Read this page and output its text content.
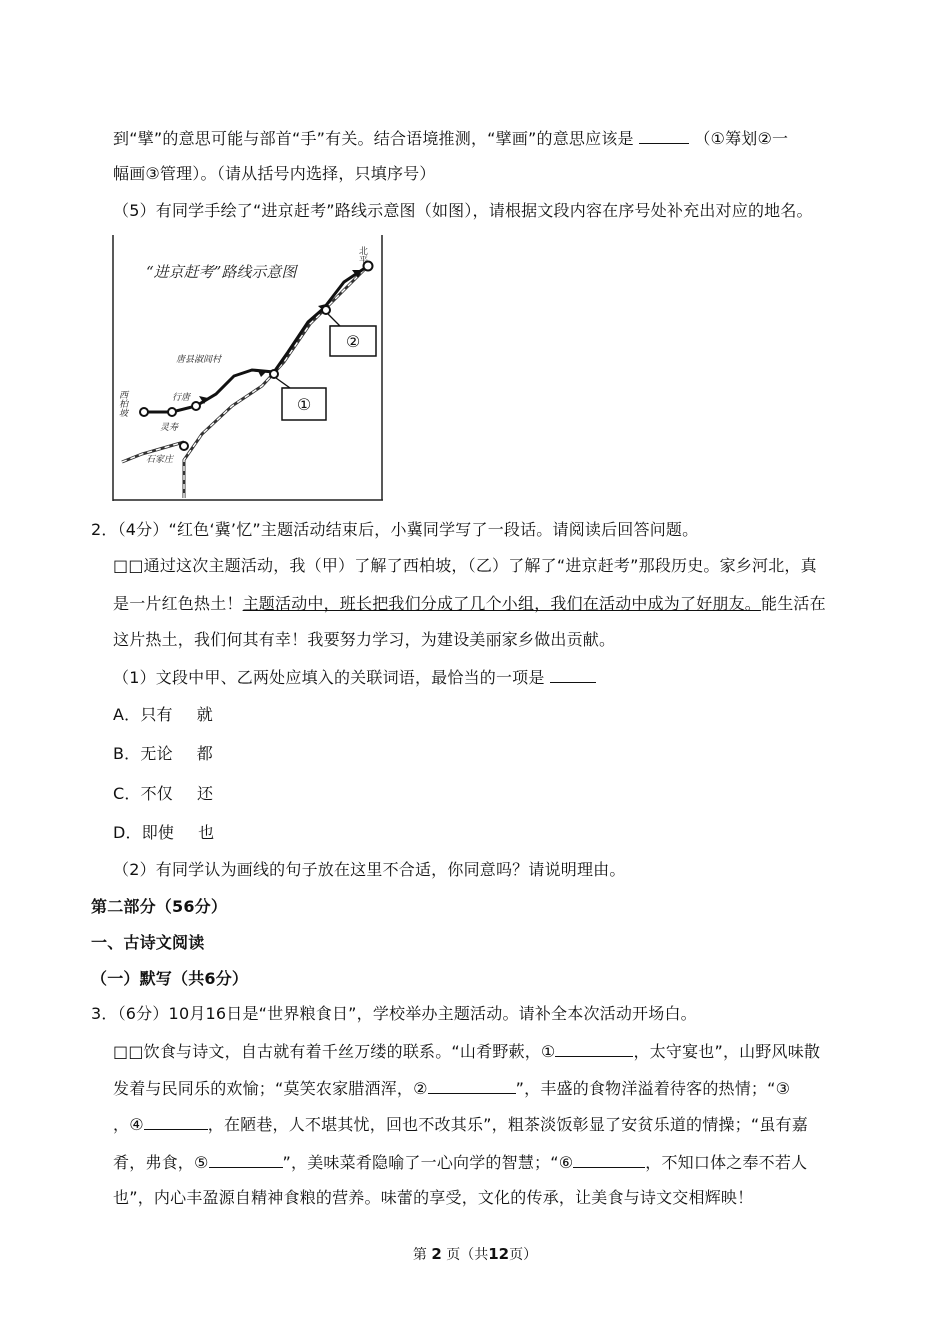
到“擘”的意思可能与部首“手”有关。结合语境推测，“擘画”的意思应该是	（①筹划②一
幅画③管理）。（请从括号内选择，只填序号）
（5）有同学手绘了“进京赶考”路线示意图（如图），请根据文段内容在序号处补充出对应的地名。
“进京赶考”路线示意图
①
②
北平
唐县淑闾村
西柏坡	行唐
灵寿
石家庄
2．（4分）“红色‘冀’忆”主题活动结束后，小冀同学写了一段话。请阅读后回答问题。
□□通过这次主题活动，我（甲）了解了西柏坡，（乙）了解了“进京赶考”那段历史。家乡河北，真
是一片红色热土！主题活动中，班长把我们分成了几个小组，我们在活动中成为了好朋友。能生活在
这片热土，我们何其有幸！我要努力学习，为建设美丽家乡做出贡献。
（1）文段中甲、乙两处应填入的关联词语，最恰当的一项是
A．只有 就
B．无论 都
C．不仅 还
D．即使 也
（2）有同学认为画线的句子放在这里不合适，你同意吗？请说明理由。
第二部分（56分）
一、古诗文阅读
（一）默写（共6分）
3．（6分）10月16日是“世界粮食日”，学校举办主题活动。请补全本次活动开场白。
□□饮食与诗文，自古就有着千丝万缕的联系。“山肴野蔌，①	，太守宴也”，山野风味散
发着与民同乐的欢愉；“莫笑农家腊酒浑，②	”，丰盛的食物洋溢着待客的热情；“③
，④	，在陋巷，人不堪其忧，回也不改其乐”，粗茶淡饭彰显了安贫乐道的情操；“虽有嘉
肴，弗食，⑤	”，美味菜肴隐喻了一心向学的智慧；“⑥	，不知口体之奉不若人
也”，内心丰盈源自精神食粮的营养。味蕾的享受，文化的传承，让美食与诗文交相辉映！
第 2 页（共12页）
